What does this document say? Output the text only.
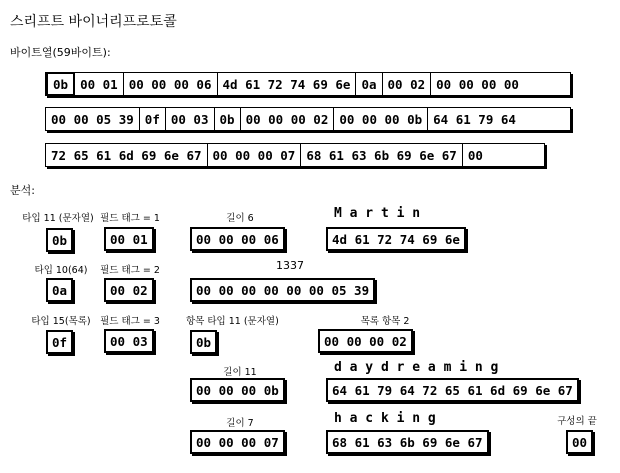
스리프트 바이너리프로토콜
바이트열(59바이트):
0b 00 01 00 00 00 06 4d 61 72 74 69 6e 0a 00 02 00 00 00 00
00 00 05 39 0f 00 03 0b 00 00 00 02 00 00 00 0b 64 61 79 64
72 65 61 6d 69 6e 67 00 00 00 07 68 61 63 6b 69 6e 67 00
분석:
타입 11 (문자열) 필드 태그 = 1	길이 6	M a r t i n
0b	00 01	00 00 00 06	4d 61 72 74 69 6e
타입 10(64)	필드 태그 = 2	1337
0a	00 02	00 00 00 00 00 00 05 39
타입 15(목록)	필드 태그 = 3	항목 타입 11 (문자열)	목록 항목 2
0f	00 03	0b	00 00 00 02
길이 11	d a y d r e a m i n g
00 00 00 0b	64 61 79 64 72 65 61 6d 69 6e 67
길이 7	h a c k i n g	구성의 끝
00 00 00 07	68 61 63 6b 69 6e 67	00
